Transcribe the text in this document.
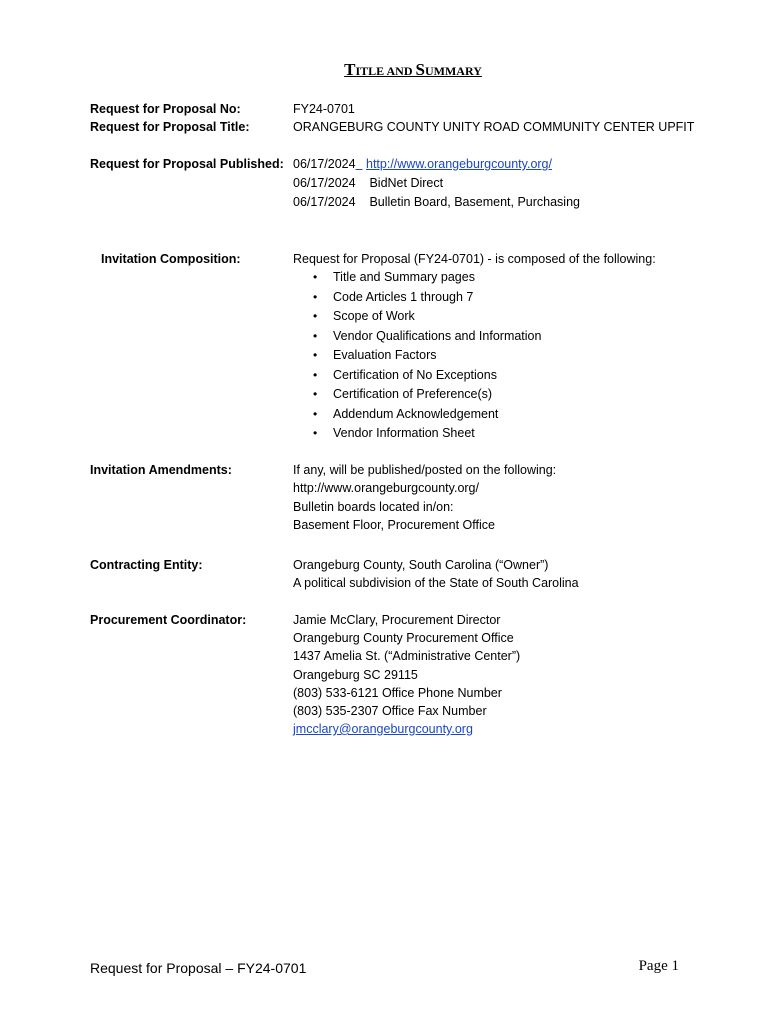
TITLE AND SUMMARY
Request for Proposal No:	FY24-0701
Request for Proposal Title:	ORANGEBURG COUNTY UNITY ROAD COMMUNITY CENTER UPFIT
Request for Proposal Published: 06/17/2024 http://www.orangeburgcounty.org/
06/17/2024    BidNet Direct
06/17/2024    Bulletin Board, Basement, Purchasing
Invitation Composition:	Request for Proposal (FY24-0701) - is composed of the following:
• Title and Summary pages
• Code Articles 1 through 7
• Scope of Work
• Vendor Qualifications and Information
• Evaluation Factors
• Certification of No Exceptions
• Certification of Preference(s)
• Addendum Acknowledgement
• Vendor Information Sheet
Invitation Amendments:	If any, will be published/posted on the following:
http://www.orangeburgcounty.org/
Bulletin boards located in/on:
Basement Floor, Procurement Office
Contracting Entity:	Orangeburg County, South Carolina (“Owner”)
A political subdivision of the State of South Carolina
Procurement Coordinator:	Jamie McClary, Procurement Director
Orangeburg County Procurement Office
1437 Amelia St. (“Administrative Center”)
Orangeburg SC 29115
(803) 533-6121 Office Phone Number
(803) 535-2307 Office Fax Number
jmcclary@orangeburgcounty.org
Request for Proposal – FY24-0701	Page 1
